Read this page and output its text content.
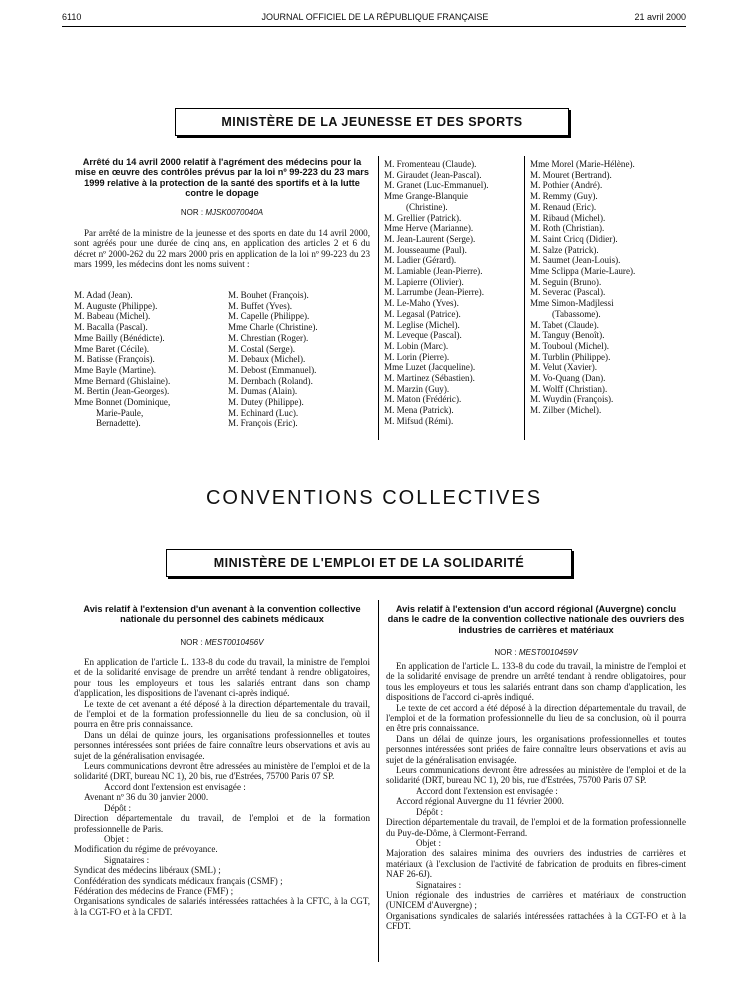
6110	JOURNAL OFFICIEL DE LA RÉPUBLIQUE FRANÇAISE	21 avril 2000
MINISTÈRE DE LA JEUNESSE ET DES SPORTS
Arrêté du 14 avril 2000 relatif à l'agrément des médecins pour la mise en œuvre des contrôles prévus par la loi nº 99-223 du 23 mars 1999 relative à la protection de la santé des sportifs et à la lutte contre le dopage
NOR : MJSK0070040A

Par arrêté de la ministre de la jeunesse et des sports en date du 14 avril 2000, sont agréés pour une durée de cinq ans, en application des articles 2 et 6 du décret nº 2000-262 du 22 mars 2000 pris en application de la loi nº 99-223 du 23 mars 1999, les médecins dont les noms suivent :

M. Adad (Jean).
M. Auguste (Philippe).
M. Babeau (Michel).
M. Bacalla (Pascal).
Mme Bailly (Bénédicte).
Mme Baret (Cécile).
M. Batisse (François).
Mme Bayle (Martine).
Mme Bernard (Ghislaine).
M. Bertin (Jean-Georges).
Mme Bonnet (Dominique,
Marie-Paule,
Bernadette).
M. Bouhet (François).
M. Buffet (Yves).
M. Capelle (Philippe).
Mme Charle (Christine).
M. Chrestian (Roger).
M. Costal (Serge).
M. Debaux (Michel).
M. Debost (Emmanuel).
M. Dernbach (Roland).
M. Dumas (Alain).
M. Dutey (Philippe).
M. Echinard (Luc).
M. François (Eric).
M. Fromenteau (Claude).
M. Giraudet (Jean-Pascal).
M. Granet (Luc-Emmanuel).
Mme Grange-Blanquie
(Christine).
M. Grellier (Patrick).
Mme Herve (Marianne).
M. Jean-Laurent (Serge).
M. Jousseaume (Paul).
M. Ladier (Gérard).
M. Lamiable (Jean-Pierre).
M. Lapierre (Olivier).
M. Larrumbe (Jean-Pierre).
M. Le-Maho (Yves).
M. Legasal (Patrice).
M. Leglise (Michel).
M. Leveque (Pascal).
M. Lobin (Marc).
M. Lorin (Pierre).
Mme Luzet (Jacqueline).
M. Martinez (Sébastien).
M. Marzin (Guy).
M. Maton (Frédéric).
M. Mena (Patrick).
M. Mifsud (Rémi).
Mme Morel (Marie-Hélène).
M. Mouret (Bertrand).
M. Pothier (André).
M. Remmy (Guy).
M. Renaud (Eric).
M. Ribaud (Michel).
M. Roth (Christian).
M. Saint Cricq (Didier).
M. Salze (Patrick).
M. Saumet (Jean-Louis).
Mme Sclippa (Marie-Laure).
M. Seguin (Bruno).
M. Severac (Pascal).
Mme Simon-Madjlessi
(Tabassome).
M. Tabet (Claude).
M. Tanguy (Benoît).
M. Touboul (Michel).
M. Turblin (Philippe).
M. Velut (Xavier).
M. Vo-Quang (Dan).
M. Wolff (Christian).
M. Wuydin (François).
M. Zilber (Michel).
CONVENTIONS COLLECTIVES
MINISTÈRE DE L'EMPLOI ET DE LA SOLIDARITÉ
Avis relatif à l'extension d'un avenant à la convention collective nationale du personnel des cabinets médicaux
NOR : MEST0010456V

En application de l'article L. 133-8 du code du travail, la ministre de l'emploi et de la solidarité envisage de prendre un arrêté tendant à rendre obligatoires, pour tous les employeurs et tous les salariés entrant dans son champ d'application, les dispositions de l'avenant ci-après indiqué.

Le texte de cet avenant a été déposé à la direction départementale du travail, de l'emploi et de la formation professionnelle du lieu de sa conclusion, où il pourra en être pris connaissance.

Dans un délai de quinze jours, les organisations professionnelles et toutes personnes intéressées sont priées de faire connaître leurs observations et avis au sujet de la généralisation envisagée.

Leurs communications devront être adressées au ministère de l'emploi et de la solidarité (DRT, bureau NC 1), 20 bis, rue d'Estrées, 75700 Paris 07 SP.

Accord dont l'extension est envisagée :

Avenant nº 36 du 30 janvier 2000.

Dépôt :

Direction départementale du travail, de l'emploi et de la formation professionnelle de Paris.

Objet :

Modification du régime de prévoyance.

Signataires :

Syndicat des médecins libéraux (SML) ;

Confédération des syndicats médicaux français (CSMF) ;

Fédération des médecins de France (FMF) ;

Organisations syndicales de salariés intéressées rattachées à la CFTC, à la CGT, à la CGT-FO et à la CFDT.

Avis relatif à l'extension d'un accord régional (Auvergne) conclu dans le cadre de la convention collective nationale des ouvriers des industries de carrières et matériaux
NOR : MEST0010459V

En application de l'article L. 133-8 du code du travail, la ministre de l'emploi et de la solidarité envisage de prendre un arrêté tendant à rendre obligatoires, pour tous les employeurs et tous les salariés entrant dans son champ d'application, les dispositions de l'accord ci-après indiqué.

Le texte de cet accord a été déposé à la direction départementale du travail, de l'emploi et de la formation professionnelle du lieu de sa conclusion, où il pourra en être pris connaissance.

Dans un délai de quinze jours, les organisations professionnelles et toutes personnes intéressées sont priées de faire connaître leurs observations et avis au sujet de la généralisation envisagée.

Leurs communications devront être adressées au ministère de l'emploi et de la solidarité (DRT, bureau NC 1), 20 bis, rue d'Estrées, 75700 Paris 07 SP.

Accord dont l'extension est envisagée :

Accord régional Auvergne du 11 février 2000.

Dépôt :

Direction départementale du travail, de l'emploi et de la formation professionnelle du Puy-de-Dôme, à Clermont-Ferrand.

Objet :

Majoration des salaires minima des ouvriers des industries de carrières et matériaux (à l'exclusion de l'activité de fabrication de produits en fibres-ciment NAF 26-6J).

Signataires :

Union régionale des industries de carrières et matériaux de construction (UNICEM d'Auvergne) ;

Organisations syndicales de salariés intéressées rattachées à la CGT-FO et à la CFDT.
